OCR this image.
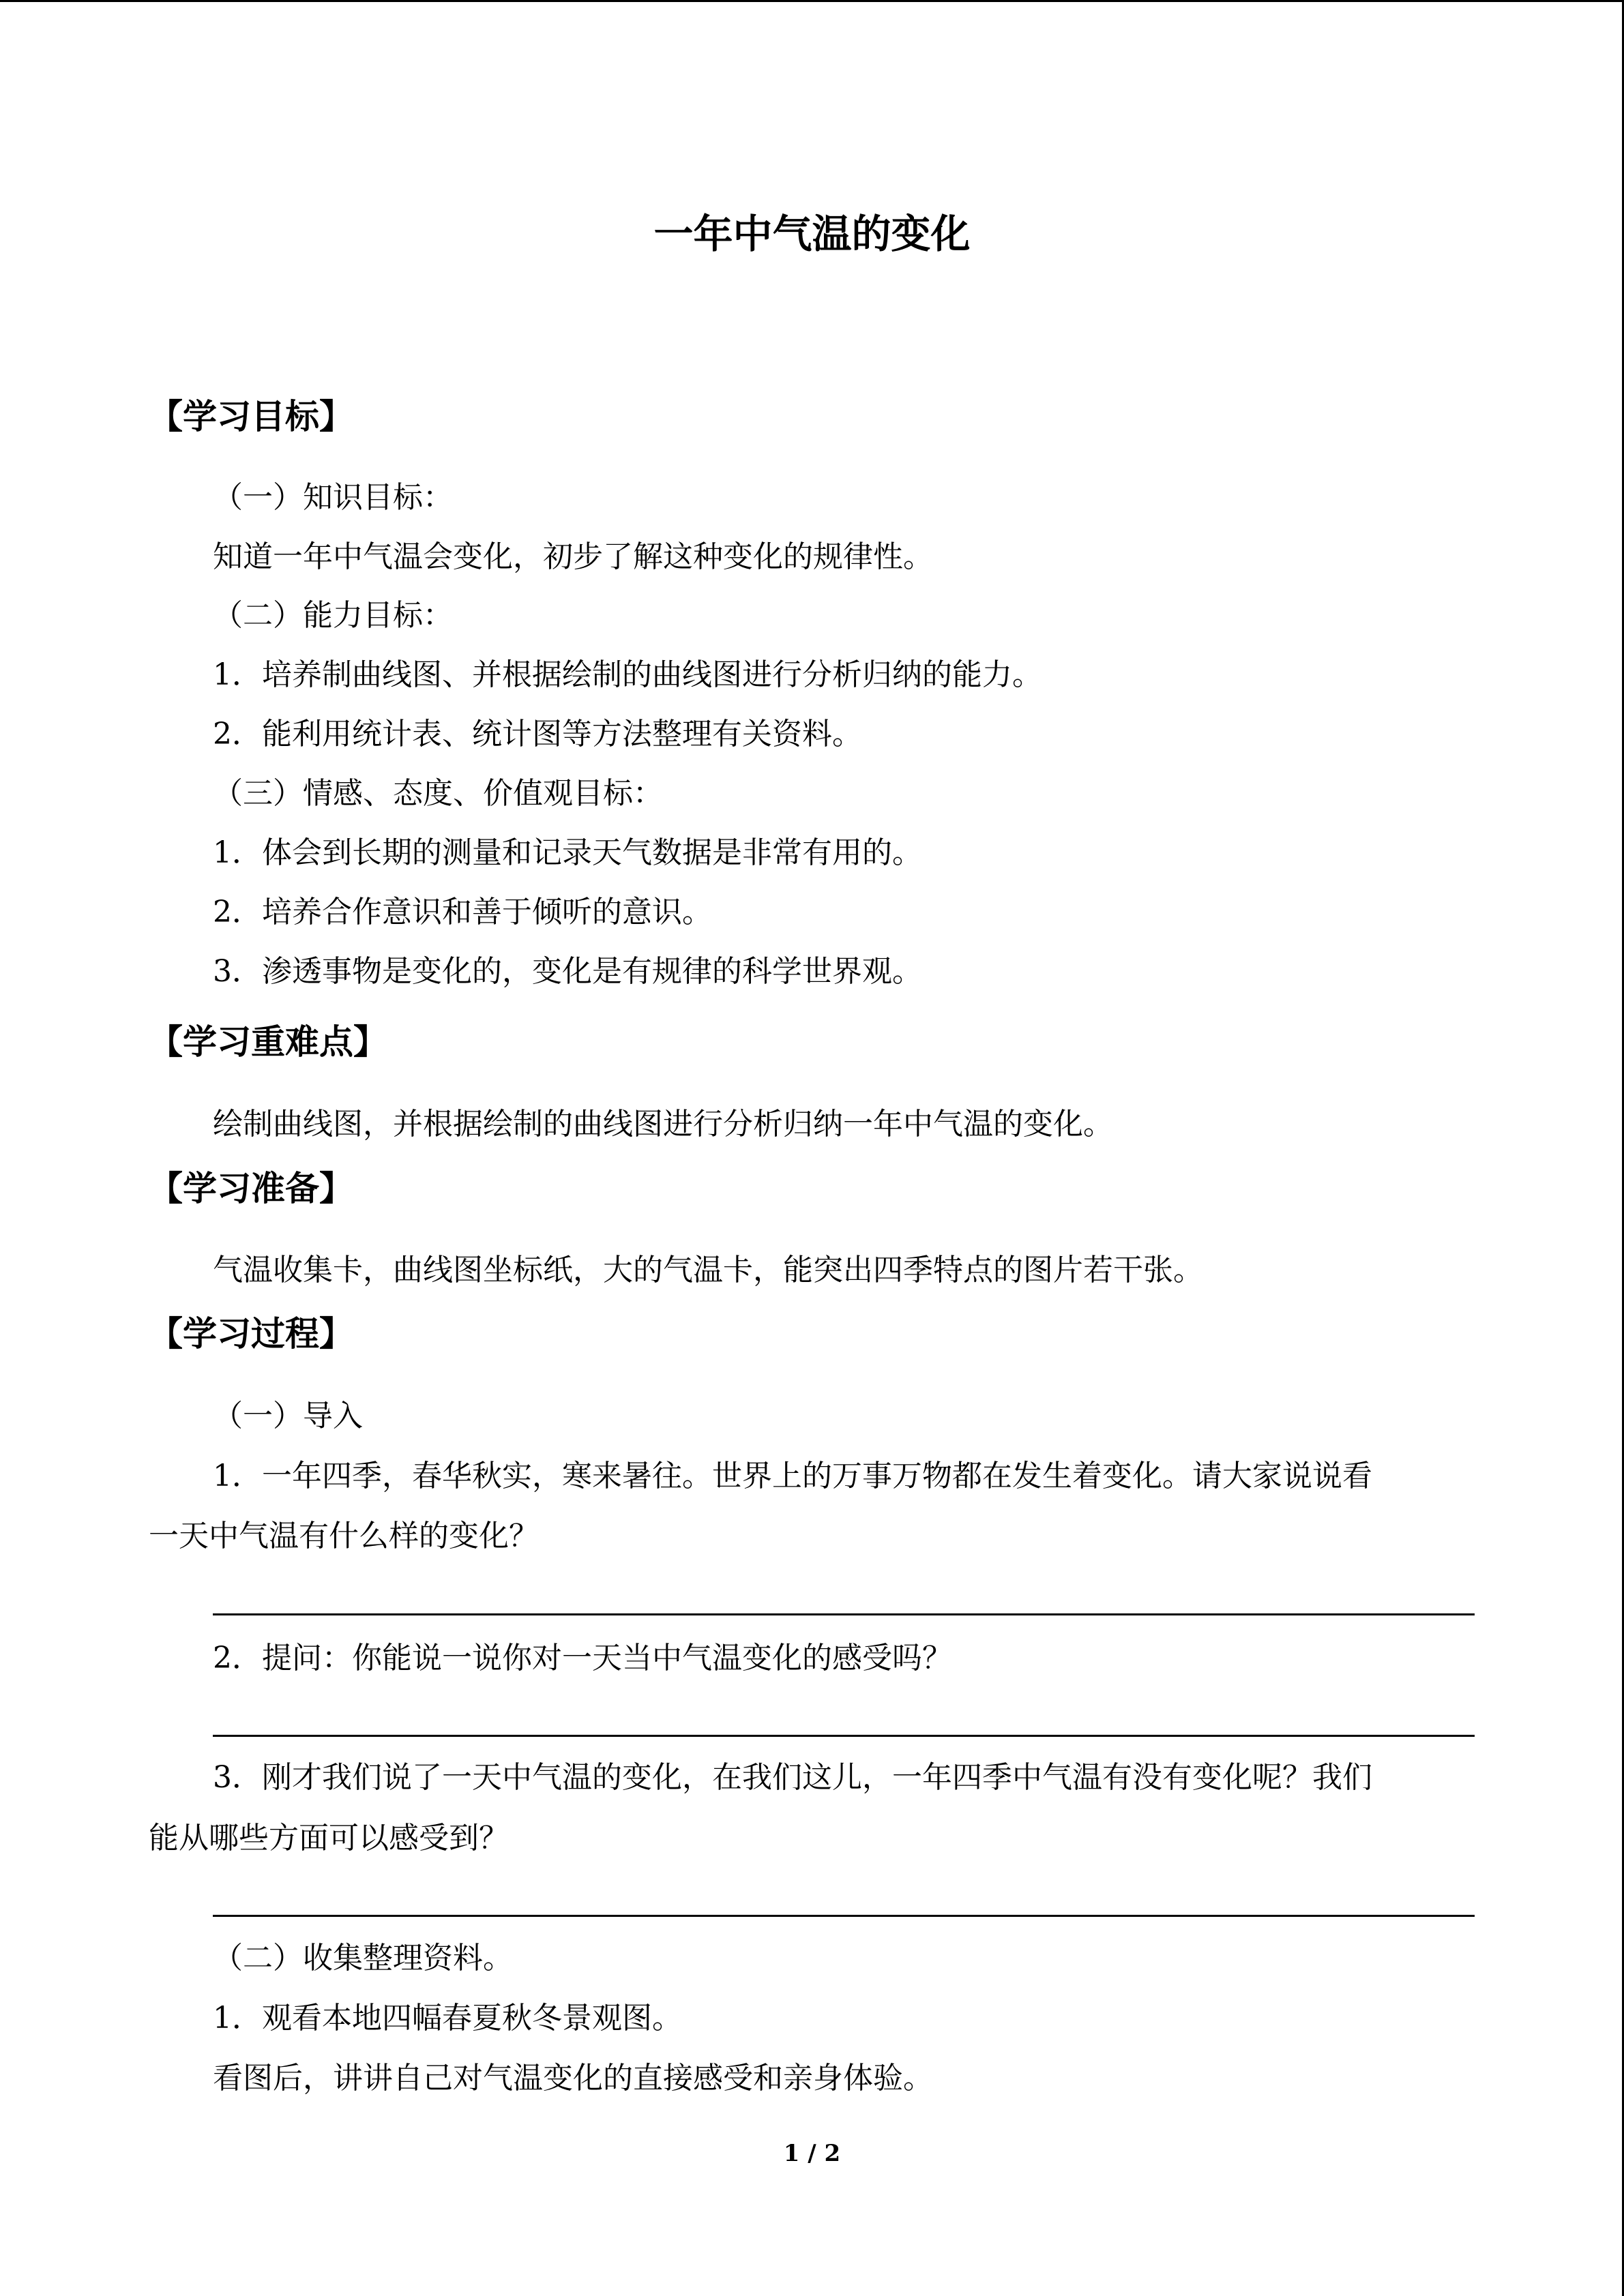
一年中气温的变化
【学习目标】
（一）知识目标：
知道一年中气温会变化，初步了解这种变化的规律性。
（二）能力目标：
1．培养制曲线图、并根据绘制的曲线图进行分析归纳的能力。
2．能利用统计表、统计图等方法整理有关资料。
（三）情感、态度、价值观目标：
1．体会到长期的测量和记录天气数据是非常有用的。
2．培养合作意识和善于倾听的意识。
3．渗透事物是变化的，变化是有规律的科学世界观。
【学习重难点】
绘制曲线图，并根据绘制的曲线图进行分析归纳一年中气温的变化。
【学习准备】
气温收集卡，曲线图坐标纸，大的气温卡，能突出四季特点的图片若干张。
【学习过程】
（一）导入
1．一年四季，春华秋实，寒来暑往。世界上的万事万物都在发生着变化。请大家说说看
一天中气温有什么样的变化？
2．提问：你能说一说你对一天当中气温变化的感受吗？
3．刚才我们说了一天中气温的变化，在我们这儿，一年四季中气温有没有变化呢？我们
能从哪些方面可以感受到？
（二）收集整理资料。
1．观看本地四幅春夏秋冬景观图。
看图后，讲讲自己对气温变化的直接感受和亲身体验。
1 / 2
